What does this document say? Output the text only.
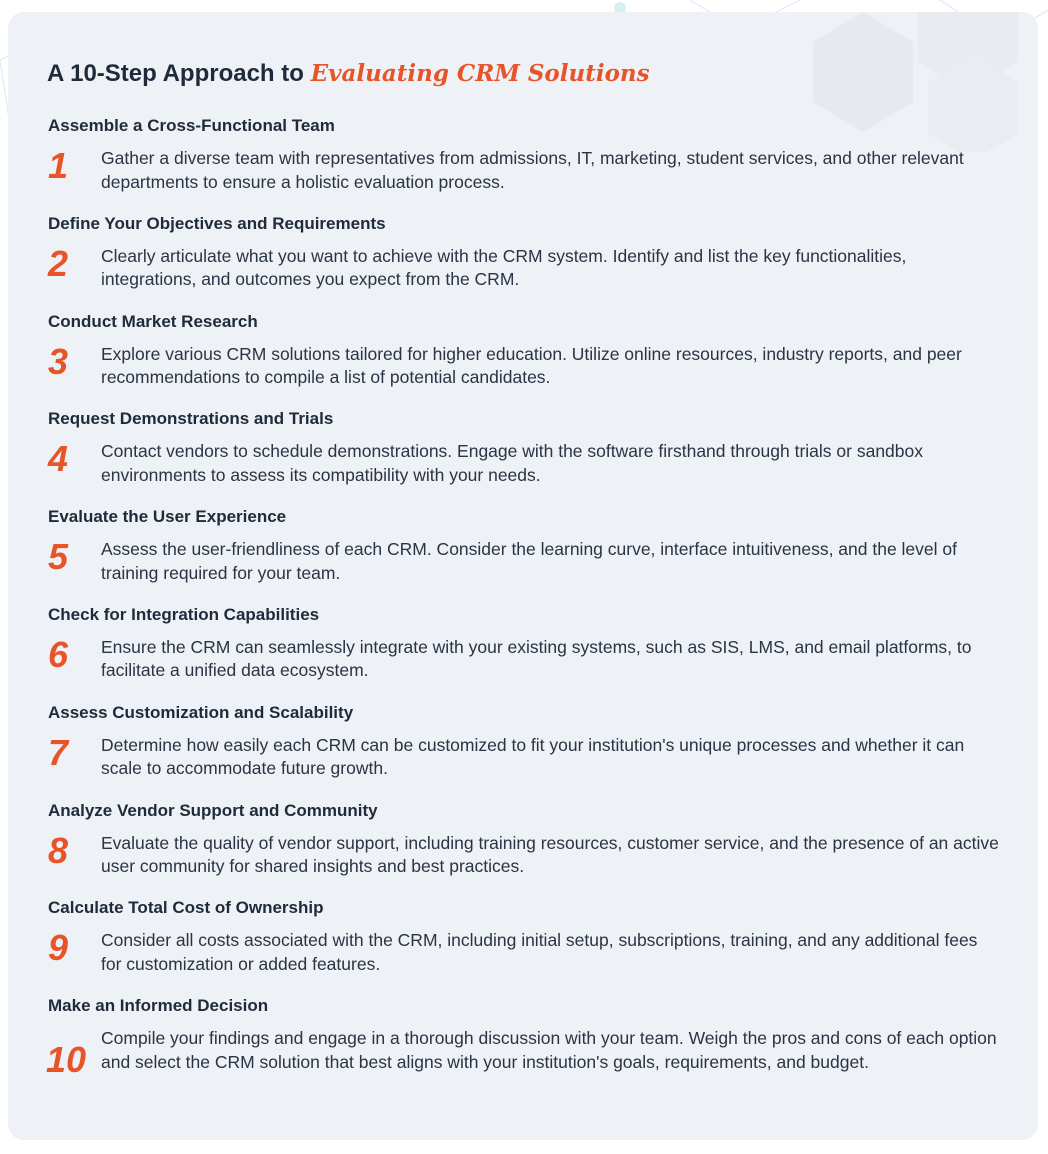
A 10-Step Approach to Evaluating CRM Solutions
Assemble a Cross-Functional Team
1	Gather a diverse team with representatives from admissions, IT, marketing, student services, and other relevant departments to ensure a holistic evaluation process.
Define Your Objectives and Requirements
2	Clearly articulate what you want to achieve with the CRM system. Identify and list the key functionalities, integrations, and outcomes you expect from the CRM.
Conduct Market Research
3	Explore various CRM solutions tailored for higher education. Utilize online resources, industry reports, and peer recommendations to compile a list of potential candidates.
Request Demonstrations and Trials
4	Contact vendors to schedule demonstrations. Engage with the software firsthand through trials or sandbox environments to assess its compatibility with your needs.
Evaluate the User Experience
5	Assess the user-friendliness of each CRM. Consider the learning curve, interface intuitiveness, and the level of training required for your team.
Check for Integration Capabilities
6	Ensure the CRM can seamlessly integrate with your existing systems, such as SIS, LMS, and email platforms, to facilitate a unified data ecosystem.
Assess Customization and Scalability
7	Determine how easily each CRM can be customized to fit your institution's unique processes and whether it can scale to accommodate future growth.
Analyze Vendor Support and Community
8	Evaluate the quality of vendor support, including training resources, customer service, and the presence of an active user community for shared insights and best practices.
Calculate Total Cost of Ownership
9	Consider all costs associated with the CRM, including initial setup, subscriptions, training, and any additional fees for customization or added features.
Make an Informed Decision
10
Compile your findings and engage in a thorough discussion with your team. Weigh the pros and cons of each option and select the CRM solution that best aligns with your institution's goals, requirements, and budget.
